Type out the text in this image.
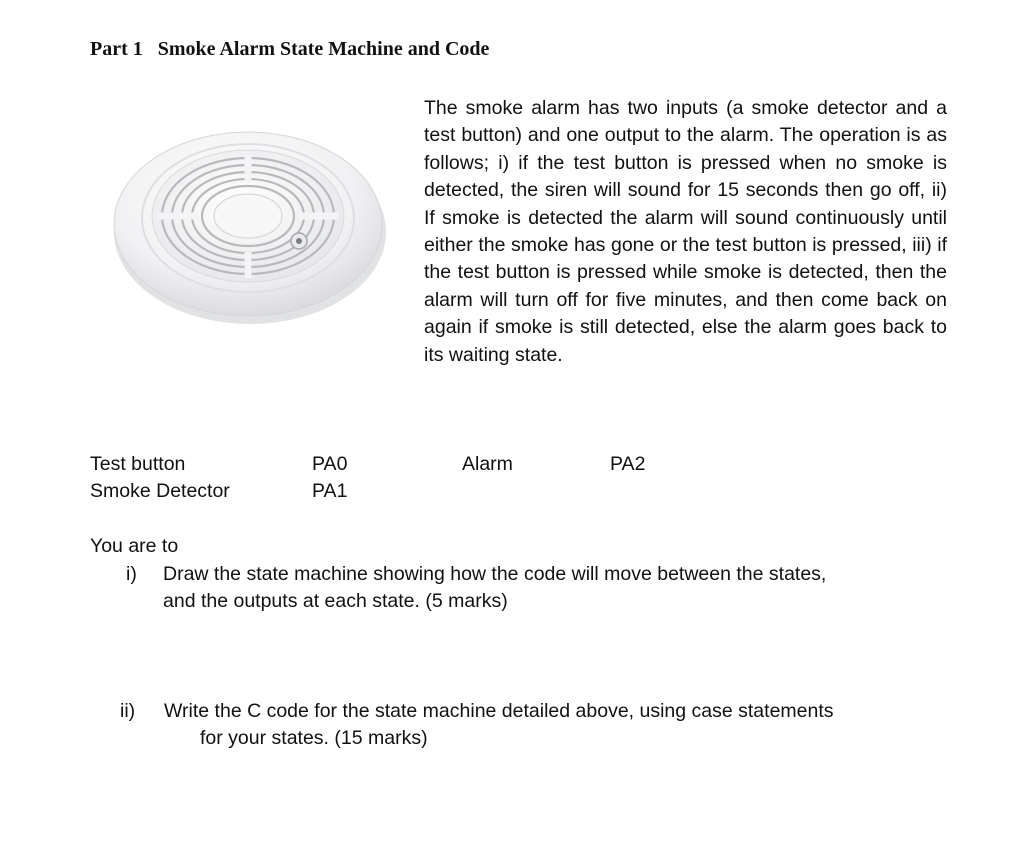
Part 1 Smoke Alarm State Machine and Code

The smoke alarm has two inputs (a smoke detector and a test button) and one output to the alarm. The operation is as follows; i) if the test button is pressed when no smoke is detected, the siren will sound for 15 seconds then go off, ii) If smoke is detected the alarm will sound continuously until either the smoke has gone or the test button is pressed, iii) if the test button is pressed while smoke is detected, then the alarm will turn off for five minutes, and then come back on again if smoke is still detected, else the alarm goes back to its waiting state.

Test button	PA0	Alarm	PA2
Smoke Detector	PA1
You are to
i) Draw the state machine showing how the code will move between the states,
and the outputs at each state. (5 marks)
ii) Write the C code for the state machine detailed above, using case statements
for your states. (15 marks)
